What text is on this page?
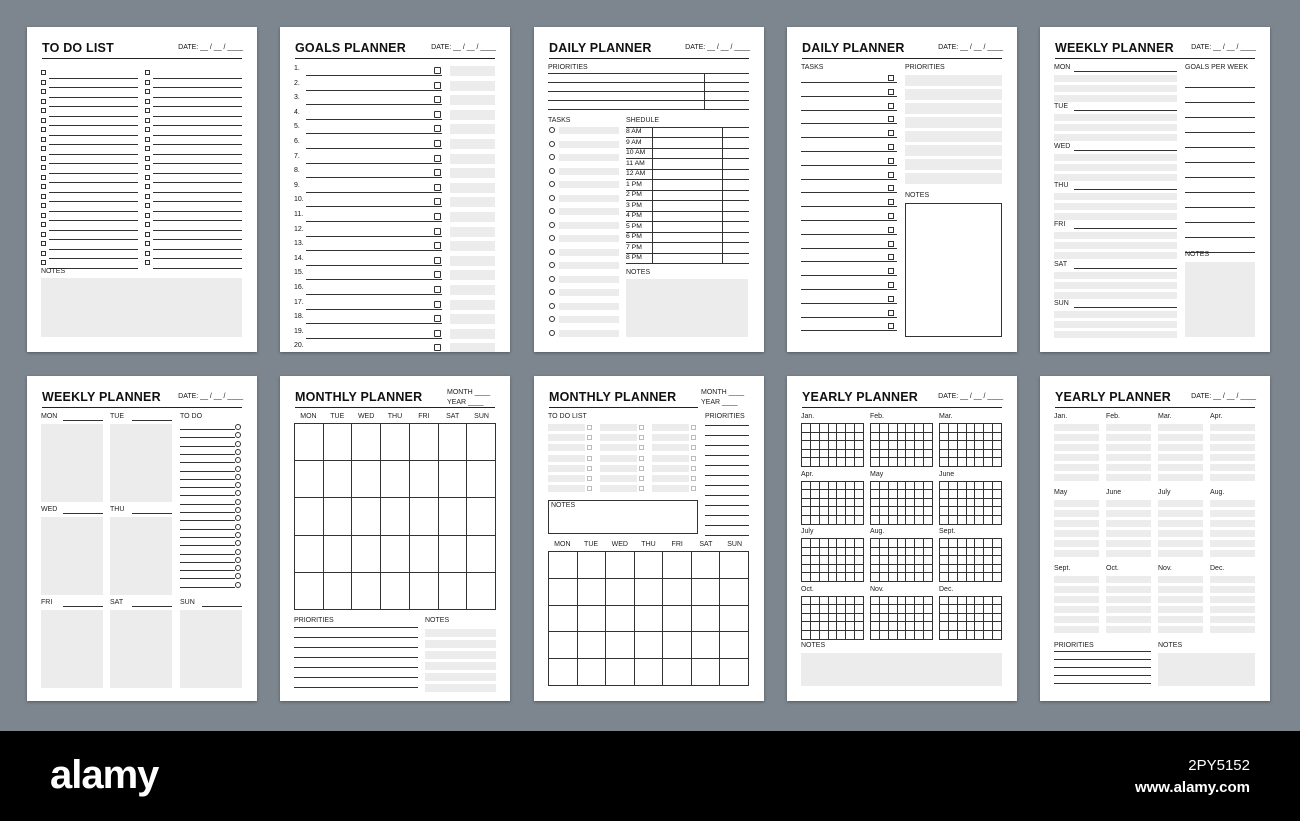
TO DO LIST	DATE: __ / __ / ____
NOTES
GOALS PLANNER	DATE: __ / __ / ____
1.
2.
3.
4.
5.
6.
7.
8.
9.
10.
11.
12.
13.
14.
15.
16.
17.
18.
19.
20.
DAILY PLANNER	DATE: __ / __ / ____
PRIORITIES
TASKS	SHEDULE
8 AM
9 AM
10 AM
11 AM
12 AM
1 PM
2 PM
3 PM
4 PM
5 PM
6 PM
7 PM
8 PM
NOTES
DAILY PLANNER	DATE: __ / __ / ____
TASKS	PRIORITIES
NOTES
WEEKLY PLANNER DATE: __ / __ / ____
MON
TUE
WED
THU
FRI
SAT
SUN
GOALS PER WEEK
NOTES
WEEKLY PLANNER DATE: __ / __ / ____
MON	TUE
WED	THU
FRI	SAT	SUN
TO DO
MONTHLY PLANNER	MONTH ____
YEAR ____
MON	TUE	WED	THU	FRI	SAT	SUN

PRIORITIES	NOTES
MONTHLY PLANNER	MONTH ____
YEAR ____
TO DO LIST	PRIORITIES
NOTES
MON	TUE	WED	THU	FRI	SAT	SUN

YEARLY PLANNER	DATE: __ / __ / ____
Jan.

							Feb.

							Mar.

Apr.

							May

							June

July

							Aug.

							Sept.

Oct.

							Nov.

							Dec.

NOTES
YEARLY PLANNER	DATE: __ / __ / ____
Jan.	Feb.	Mar.	Apr.
May	June	July	Aug.
Sept.	Oct.	Nov.	Dec.
PRIORITIES	NOTES
alamy	2PY5152
www.alamy.com
